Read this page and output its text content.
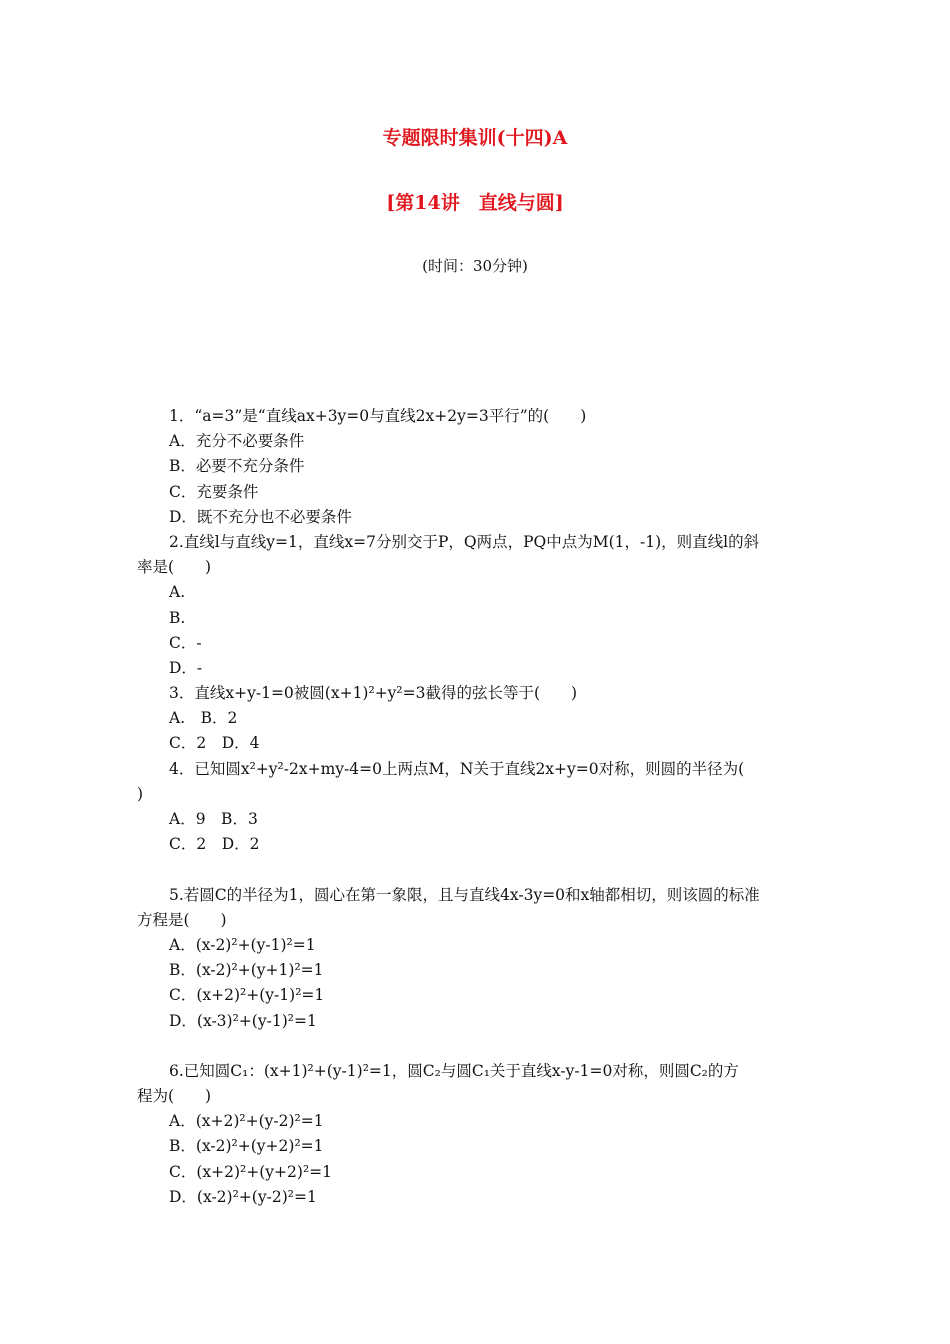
专题限时集训(十四)A
[第14讲　直线与圆]
(时间：30分钟)
1．“a=3”是“直线ax+3y=0与直线2x+2y=3平行”的(　　)
A．充分不必要条件
B．必要不充分条件
C．充要条件
D．既不充分也不必要条件
2.直线l与直线y=1，直线x=7分别交于P，Q两点，PQ中点为M(1，-1)，则直线l的斜
率是(　　)
A.
B.
C．-
D．-
3．直线x+y-1=0被圆(x+1)²+y²=3截得的弦长等于(　　)
A.　B．2
C．2　D．4
4．已知圆x²+y²-2x+my-4=0上两点M，N关于直线2x+y=0对称，则圆的半径为(
)
A．9　B．3
C．2　D．2
5.若圆C的半径为1，圆心在第一象限，且与直线4x-3y=0和x轴都相切，则该圆的标准
方程是(　　)
A．(x-2)²+(y-1)²=1
B．(x-2)²+(y+1)²=1
C．(x+2)²+(y-1)²=1
D．(x-3)²+(y-1)²=1
6.已知圆C₁：(x+1)²+(y-1)²=1，圆C₂与圆C₁关于直线x-y-1=0对称，则圆C₂的方
程为(　　)
A．(x+2)²+(y-2)²=1
B．(x-2)²+(y+2)²=1
C．(x+2)²+(y+2)²=1
D．(x-2)²+(y-2)²=1
